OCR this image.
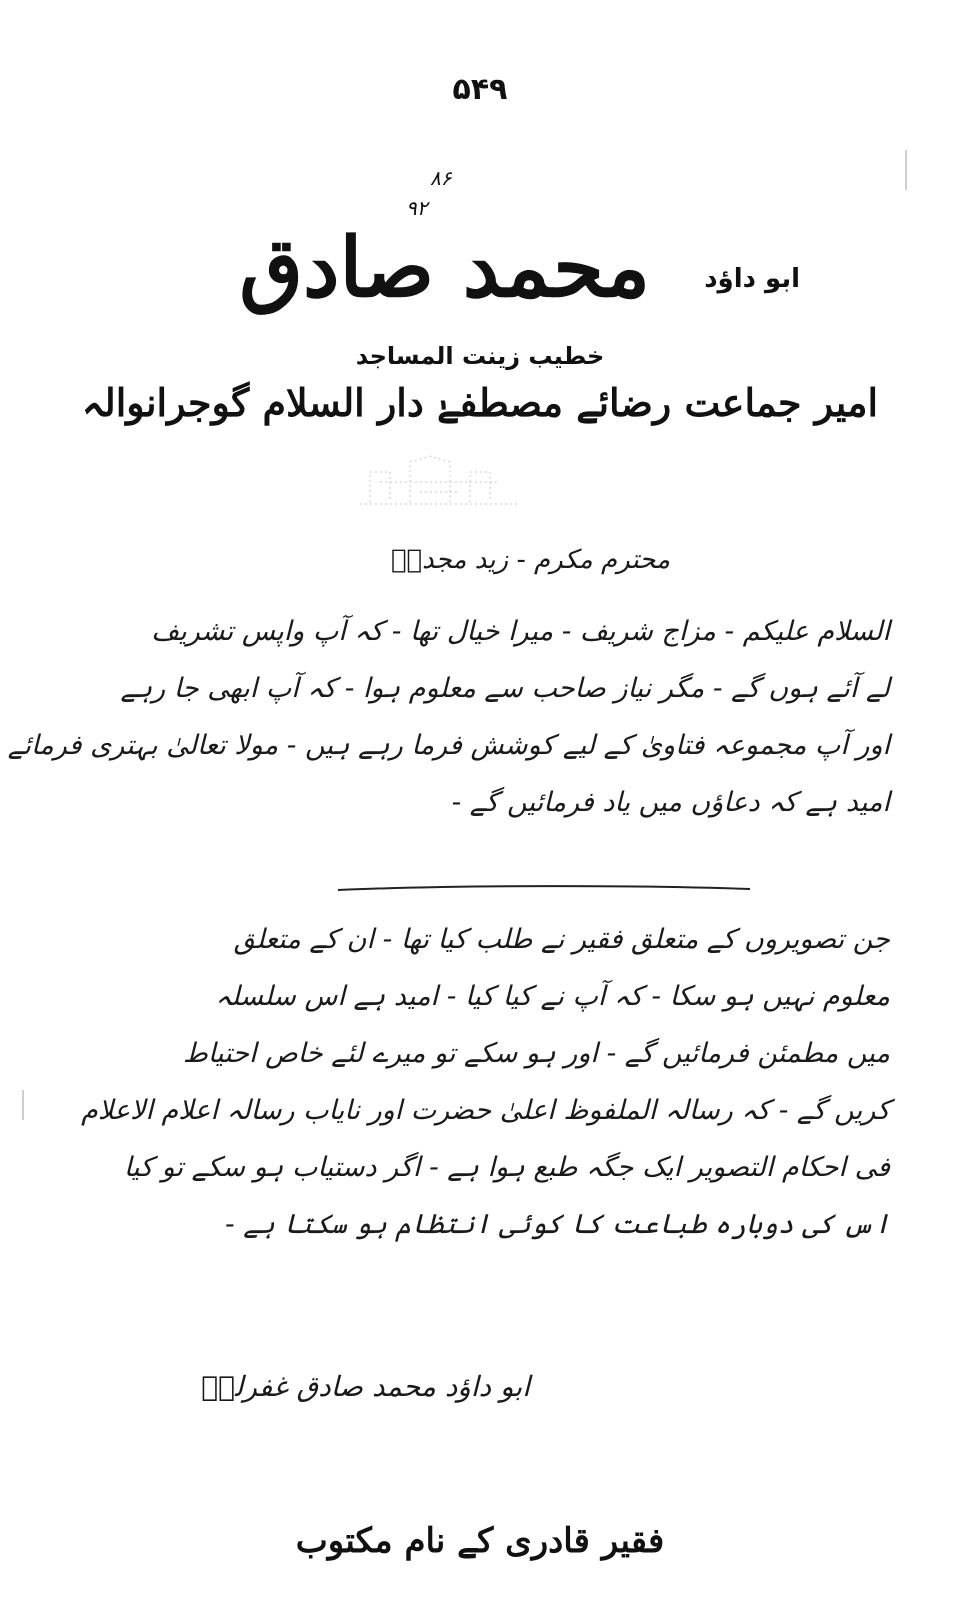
۵۴۹
۸۶
۹۲
محمد صادق ابو داؤد
خطیب زینت المساجد
امیر جماعت رضائے مصطفےٰ دار السلام گوجرانوالہ
محترم مکرم - زید مجدہٗ
السلام علیکم - مزاج شریف - میرا خیال تھا - کہ آپ واپس تشریف
لے آئے ہوں گے - مگر نیاز صاحب سے معلوم ہوا - کہ آپ ابھی جا رہے
اور آپ مجموعہ فتاویٰ کے لیے کوشش فرما رہے ہیں - مولا تعالیٰ بہتری فرمائے
امید ہے کہ دعاؤں میں یاد فرمائیں گے -
جن تصویروں کے متعلق فقیر نے طلب کیا تھا - ان کے متعلق
معلوم نہیں ہو سکا - کہ آپ نے کیا کیا - امید ہے اس سلسلہ
میں مطمئن فرمائیں گے - اور ہو سکے تو میرے لئے خاص احتیاط
کریں گے - کہ رسالہ الملفوظ اعلیٰ حضرت اور نایاب رسالہ اعلام الاعلام
فی احکام التصویر ایک جگہ طبع ہوا ہے - اگر دستیاب ہو سکے تو کیا
اس کی دوبارہ طباعت کا کوئی انتظام ہو سکتا ہے -
ابو داؤد محمد صادق غفرلہٗ
فقیر قادری کے نام مکتوب
